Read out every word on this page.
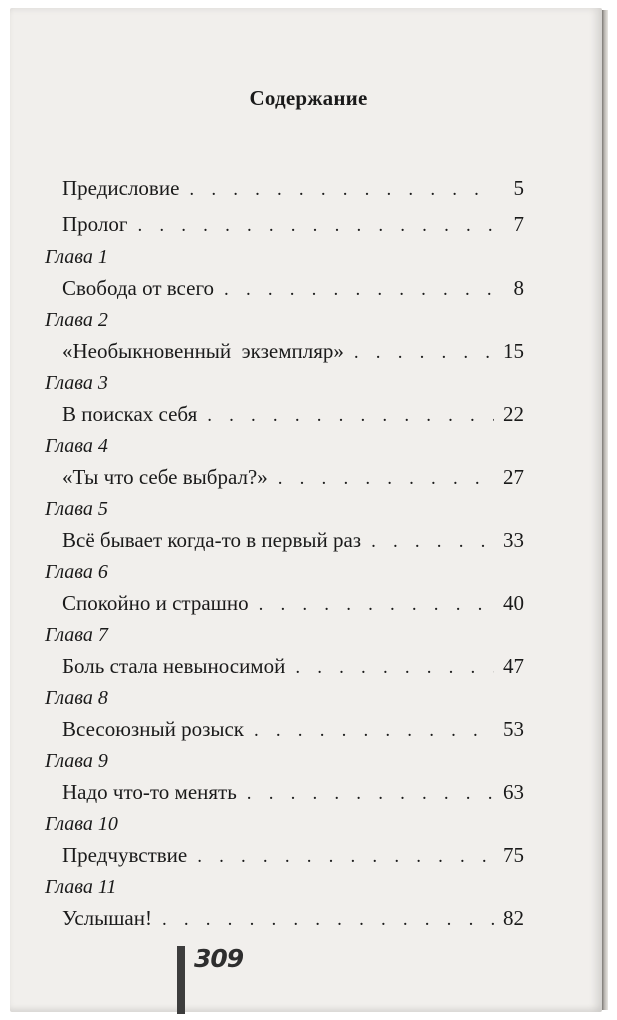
Содержание
Предисловие . . .	5
Пролог . . .	7
Глава 1
Свобода от всего . . .	8
Глава 2
«Необыкновенный  экземпляр» . . .	15
Глава 3
В поисках себя . . .	22
Глава 4
«Ты что себе выбрал?» . . .	27
Глава 5
Всё бывает когда-то в первый раз . . .	33
Глава 6
Спокойно и страшно . . .	40
Глава 7
Боль стала невыносимой . . .	47
Глава 8
Всесоюзный розыск . . .	53
Глава 9
Надо что-то менять . . .	63
Глава 10
Предчувствие . . .	75
Глава 11
Услышан! . . .	82
309
